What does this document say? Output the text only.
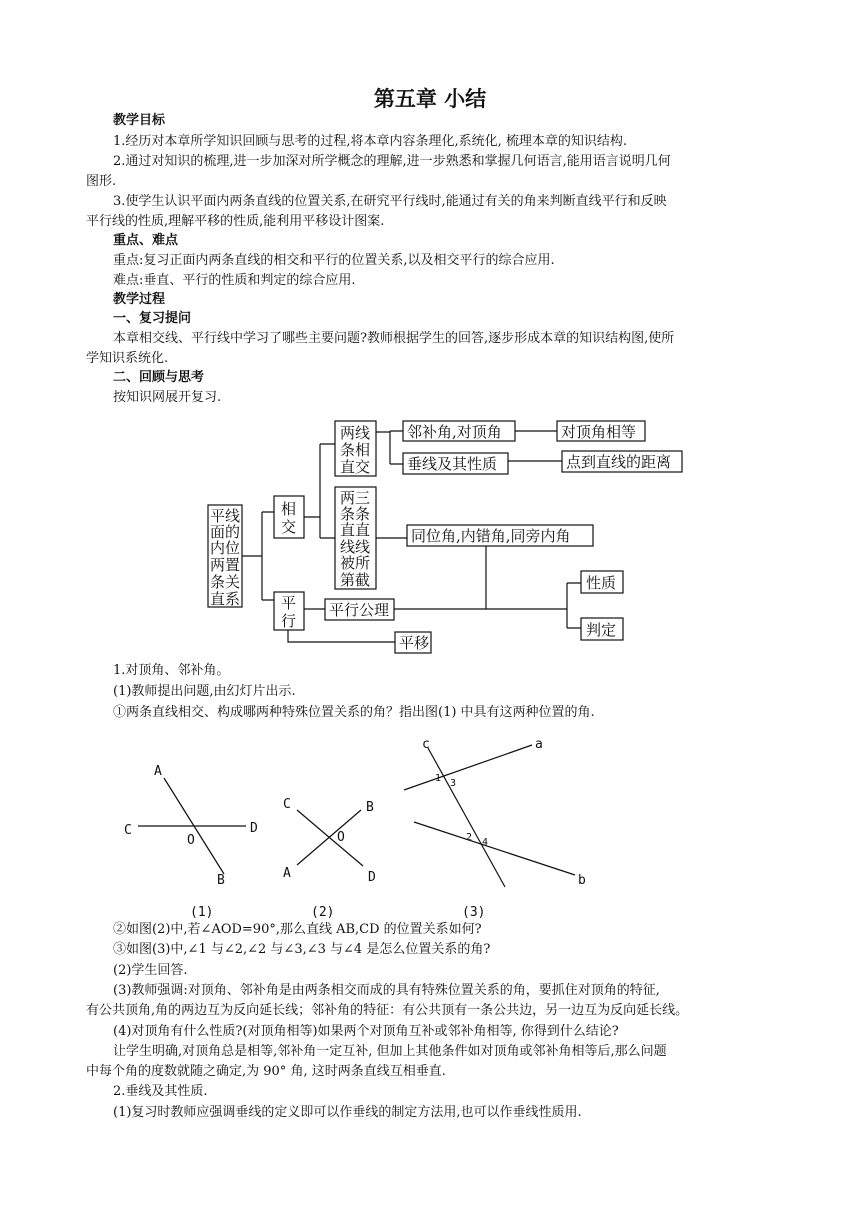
第五章 小结
教学目标
1.经历对本章所学知识回顾与思考的过程,将本章内容条理化,系统化, 梳理本章的知识结构.
2.通过对知识的梳理,进一步加深对所学概念的理解,进一步熟悉和掌握几何语言,能用语言说明几何
图形.
3.使学生认识平面内两条直线的位置关系,在研究平行线时,能通过有关的角来判断直线平行和反映
平行线的性质,理解平移的性质,能利用平移设计图案.
重点、难点
重点:复习正面内两条直线的相交和平行的位置关系,以及相交平行的综合应用.
难点:垂直、平行的性质和判定的综合应用.
教学过程
一、复习提问
本章相交线、平行线中学习了哪些主要问题?教师根据学生的回答,逐步形成本章的知识结构图,使所
学知识系统化.
二、回顾与思考
按知识网展开复习.
平线
面的
内位
两置
条关
直系
相
交
平
行
两线
条相
直交
两三
条条
直直
线线
被所
第截
邻补角,对顶角
垂线及其性质
对顶角相等
点到直线的距离
同位角,内错角,同旁内角
性质
判定
平行公理
平移
1.对顶角、邻补角。
(1)教师提出问题,由幻灯片出示.
①两条直线相交、构成哪两种特殊位置关系的角？指出图(1) 中具有这两种位置的角.
A
C
O
D
B
(1)
C	B
O
A	D
(2)
c	a
b
1 3
2 4
(3)
②如图(2)中,若∠AOD=90°,那么直线 AB,CD 的位置关系如何?
③如图(3)中,∠1 与∠2,∠2 与∠3,∠3 与∠4 是怎么位置关系的角?
(2)学生回答.
(3)教师强调:对顶角、邻补角是由两条相交而成的具有特殊位置关系的角，要抓住对顶角的特征,
有公共顶角,角的两边互为反向延长线；邻补角的特征：有公共顶有一条公共边，另一边互为反向延长线。
(4)对顶角有什么性质?(对顶角相等)如果两个对顶角互补或邻补角相等, 你得到什么结论?
让学生明确,对顶角总是相等,邻补角一定互补, 但加上其他条件如对顶角或邻补角相等后,那么问题
中每个角的度数就随之确定,为 90° 角, 这时两条直线互相垂直.
2.垂线及其性质.
(1)复习时教师应强调垂线的定义即可以作垂线的制定方法用,也可以作垂线性质用.
